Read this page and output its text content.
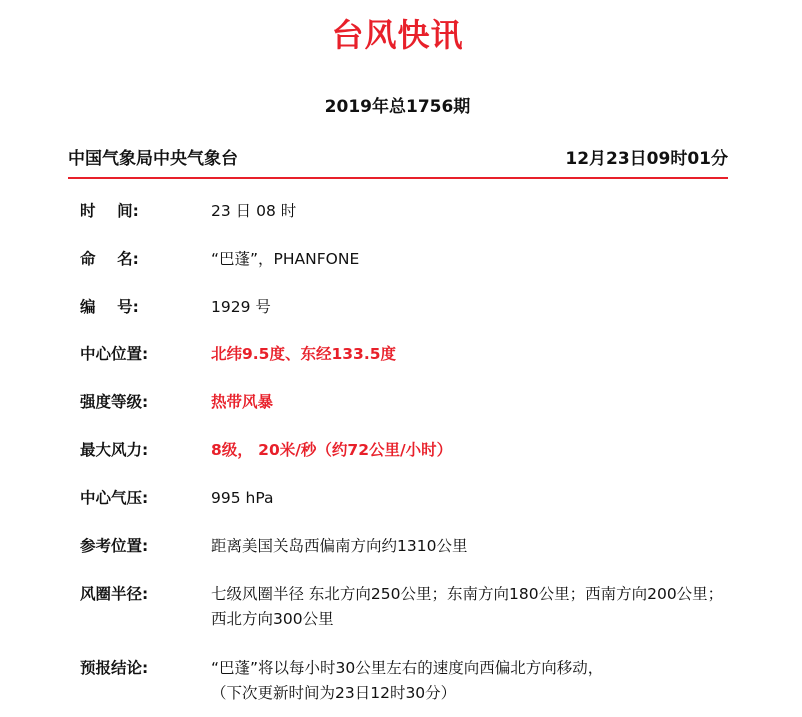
台风快讯
2019年总1756期
中国气象局中央气象台	12月23日09时01分
时    间:	23 日 08 时
命    名:	“巴蓬”，PHANFONE
编    号:	1929 号
中心位置:	北纬9.5度、东经133.5度
强度等级:	热带风暴
最大风力:	8级， 20米/秒（约72公里/小时）
中心气压:	995 hPa
参考位置:	距离美国关岛西偏南方向约1310公里
风圈半径:	七级风圈半径 东北方向250公里；东南方向180公里；西南方向200公里；西北方向300公里
预报结论:	“巴蓬”将以每小时30公里左右的速度向西偏北方向移动，
（下次更新时间为23日12时30分）
